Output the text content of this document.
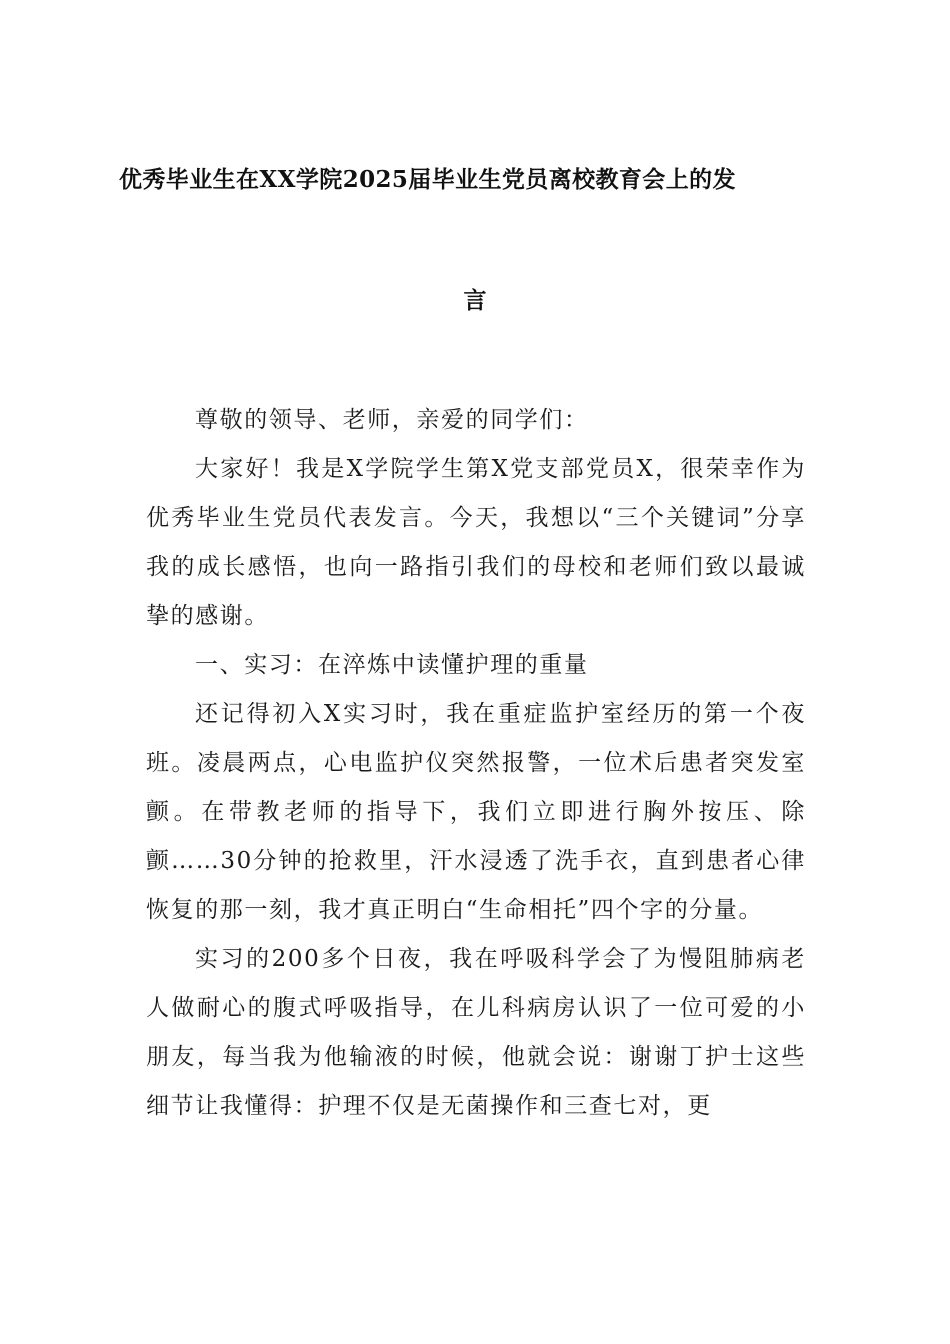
优秀毕业生在XX学院2025届毕业生党员离校教育会上的发
言

尊敬的领导、老师，亲爱的同学们：

大家好！我是X学院学生第X党支部党员X，很荣幸作为优秀毕业生党员代表发言。今天，我想以“三个关键词”分享我的成长感悟，也向一路指引我们的母校和老师们致以最诚挚的感谢。

一、实习：在淬炼中读懂护理的重量

还记得初入X实习时，我在重症监护室经历的第一个夜班。凌晨两点，心电监护仪突然报警，一位术后患者突发室颤。在带教老师的指导下，我们立即进行胸外按压、除颤……30分钟的抢救里，汗水浸透了洗手衣，直到患者心律恢复的那一刻，我才真正明白“生命相托”四个字的分量。

实习的200多个日夜，我在呼吸科学会了为慢阻肺病老人做耐心的腹式呼吸指导，在儿科病房认识了一位可爱的小朋友，每当我为他输液的时候，他就会说：谢谢丁护士这些细节让我懂得：护理不仅是无菌操作和三查七对，更
